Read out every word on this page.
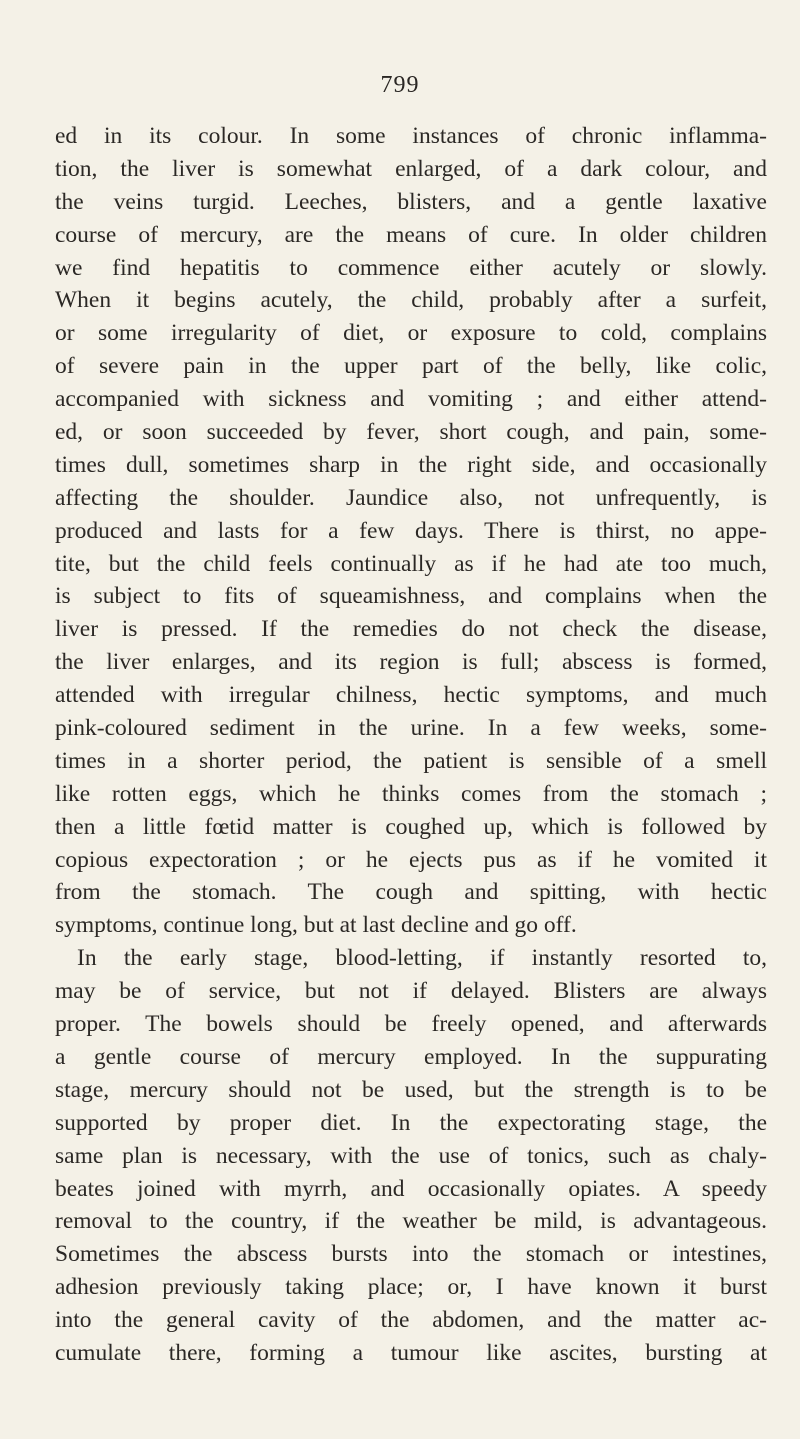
799
ed in its colour. In some instances of chronic inflamma-
tion, the liver is somewhat enlarged, of a dark colour, and
the veins turgid. Leeches, blisters, and a gentle laxative
course of mercury, are the means of cure. In older children
we find hepatitis to commence either acutely or slowly.
When it begins acutely, the child, probably after a surfeit,
or some irregularity of diet, or exposure to cold, complains
of severe pain in the upper part of the belly, like colic,
accompanied with sickness and vomiting ; and either attend-
ed, or soon succeeded by fever, short cough, and pain, some-
times dull, sometimes sharp in the right side, and occasionally
affecting the shoulder. Jaundice also, not unfrequently, is
produced and lasts for a few days. There is thirst, no appe-
tite, but the child feels continually as if he had ate too much,
is subject to fits of squeamishness, and complains when the
liver is pressed. If the remedies do not check the disease,
the liver enlarges, and its region is full; abscess is formed,
attended with irregular chilness, hectic symptoms, and much
pink-coloured sediment in the urine. In a few weeks, some-
times in a shorter period, the patient is sensible of a smell
like rotten eggs, which he thinks comes from the stomach ;
then a little fœtid matter is coughed up, which is followed by
copious expectoration ; or he ejects pus as if he vomited it
from the stomach. The cough and spitting, with hectic
symptoms, continue long, but at last decline and go off.
In the early stage, blood-letting, if instantly resorted to,
may be of service, but not if delayed. Blisters are always
proper. The bowels should be freely opened, and afterwards
a gentle course of mercury employed. In the suppurating
stage, mercury should not be used, but the strength is to be
supported by proper diet. In the expectorating stage, the
same plan is necessary, with the use of tonics, such as chaly-
beates joined with myrrh, and occasionally opiates. A speedy
removal to the country, if the weather be mild, is advantageous.
Sometimes the abscess bursts into the stomach or intestines,
adhesion previously taking place; or, I have known it burst
into the general cavity of the abdomen, and the matter ac-
cumulate there, forming a tumour like ascites, bursting at
